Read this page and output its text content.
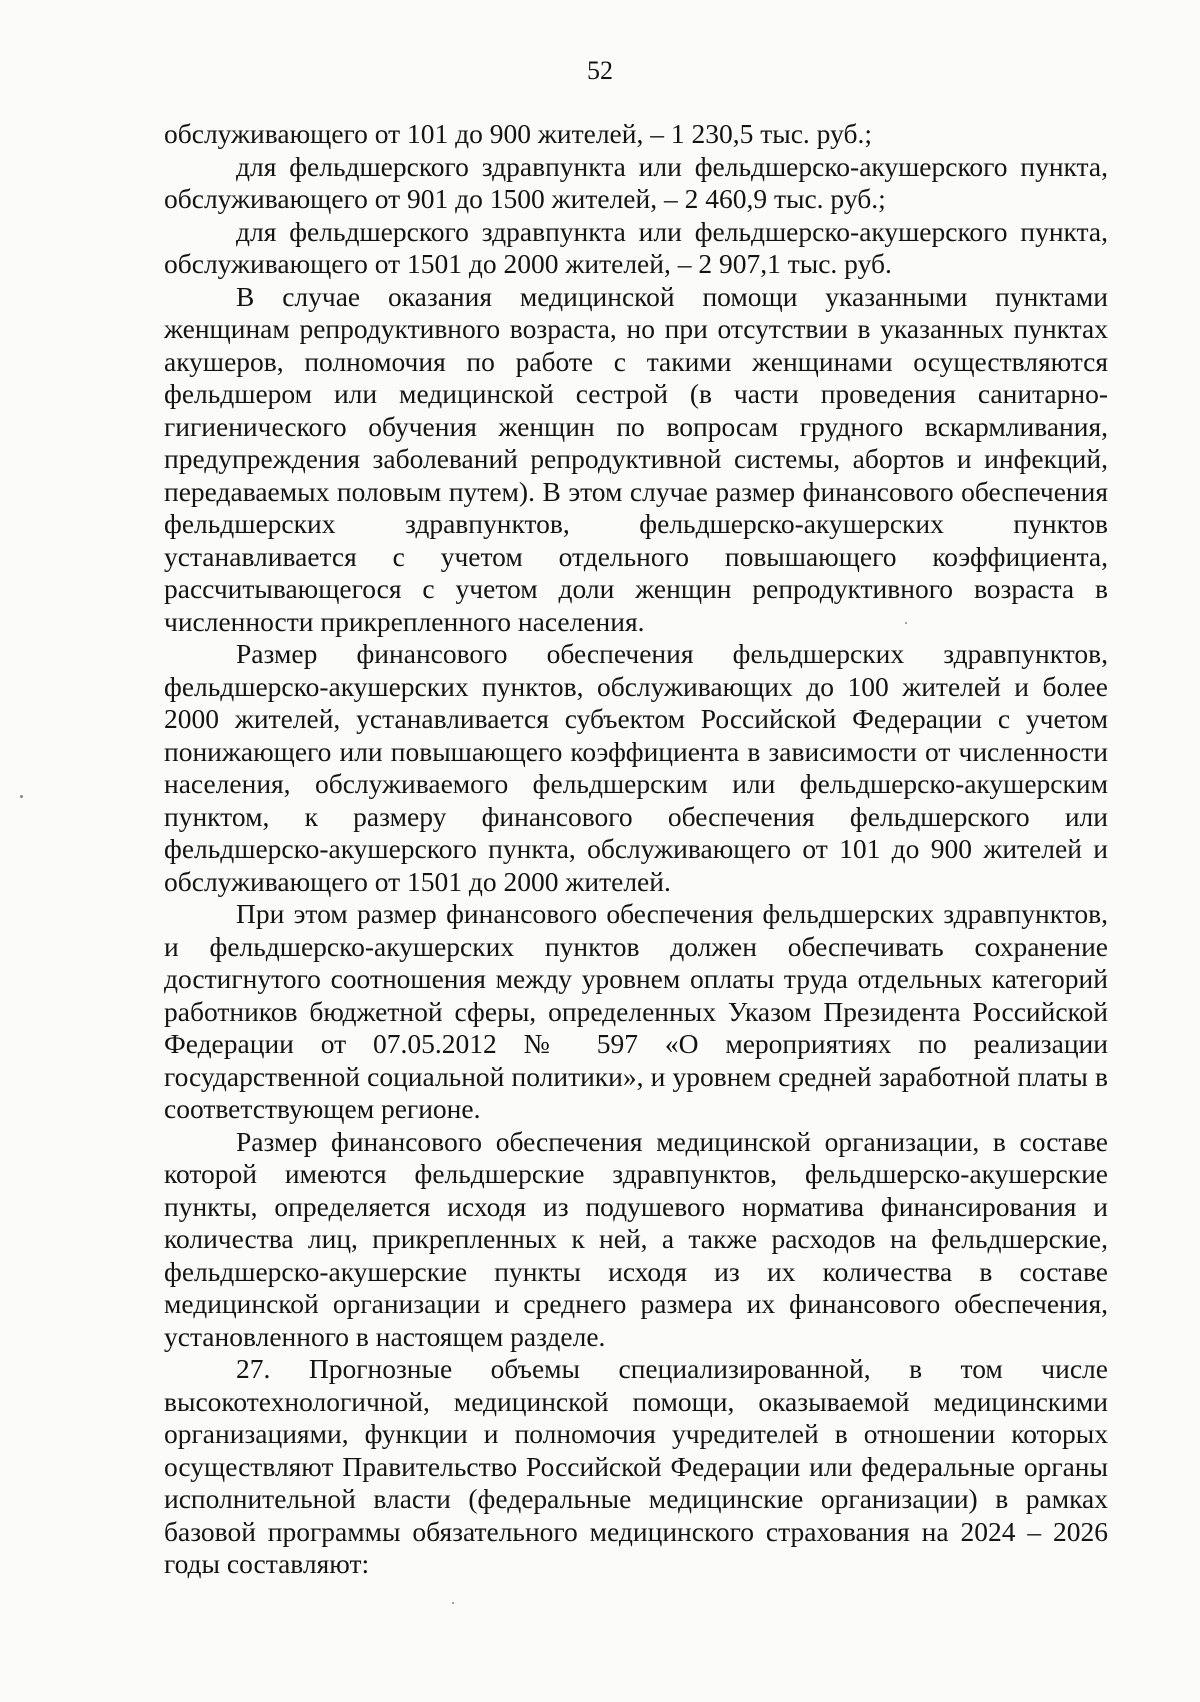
52

обслуживающего от 101 до 900 жителей, – 1 230,5 тыс. руб.;

для фельдшерского здравпункта или фельдшерско-акушерского пункта, обслуживающего от 901 до 1500 жителей, – 2 460,9 тыс. руб.;

для фельдшерского здравпункта или фельдшерско-акушерского пункта, обслуживающего от 1501 до 2000 жителей, – 2 907,1 тыс. руб.

В случае оказания медицинской помощи указанными пунктами женщинам репродуктивного возраста, но при отсутствии в указанных пунктах акушеров, полномочия по работе с такими женщинами осуществляются фельдшером или медицинской сестрой (в части проведения санитарно-гигиенического обучения женщин по вопросам грудного вскармливания, предупреждения заболеваний репродуктивной системы, абортов и инфекций, передаваемых половым путем). В этом случае размер финансового обеспечения фельдшерских здравпунктов, фельдшерско-акушерских пунктов устанавливается с учетом отдельного повышающего коэффициента, рассчитывающегося с учетом доли женщин репродуктивного возраста в численности прикрепленного населения.

Размер финансового обеспечения фельдшерских здравпунктов, фельдшерско-акушерских пунктов, обслуживающих до 100 жителей и более 2000 жителей, устанавливается субъектом Российской Федерации с учетом понижающего или повышающего коэффициента в зависимости от численности населения, обслуживаемого фельдшерским или фельдшерско-акушерским пунктом, к размеру финансового обеспечения фельдшерского или фельдшерско-акушерского пункта, обслуживающего от 101 до 900 жителей и обслуживающего от 1501 до 2000 жителей.

При этом размер финансового обеспечения фельдшерских здравпунктов, и фельдшерско-акушерских пунктов должен обеспечивать сохранение достигнутого соотношения между уровнем оплаты труда отдельных категорий работников бюджетной сферы, определенных Указом Президента Российской Федерации от 07.05.2012 № 597 «О мероприятиях по реализации государственной социальной политики», и уровнем средней заработной платы в соответствующем регионе.

Размер финансового обеспечения медицинской организации, в составе которой имеются фельдшерские здравпунктов, фельдшерско-акушерские пункты, определяется исходя из подушевого норматива финансирования и количества лиц, прикрепленных к ней, а также расходов на фельдшерские, фельдшерско-акушерские пункты исходя из их количества в составе медицинской организации и среднего размера их финансового обеспечения, установленного в настоящем разделе.

27. Прогнозные объемы специализированной, в том числе высокотехнологичной, медицинской помощи, оказываемой медицинскими организациями, функции и полномочия учредителей в отношении которых осуществляют Правительство Российской Федерации или федеральные органы исполнительной власти (федеральные медицинские организации) в рамках базовой программы обязательного медицинского страхования на 2024 – 2026 годы составляют:
